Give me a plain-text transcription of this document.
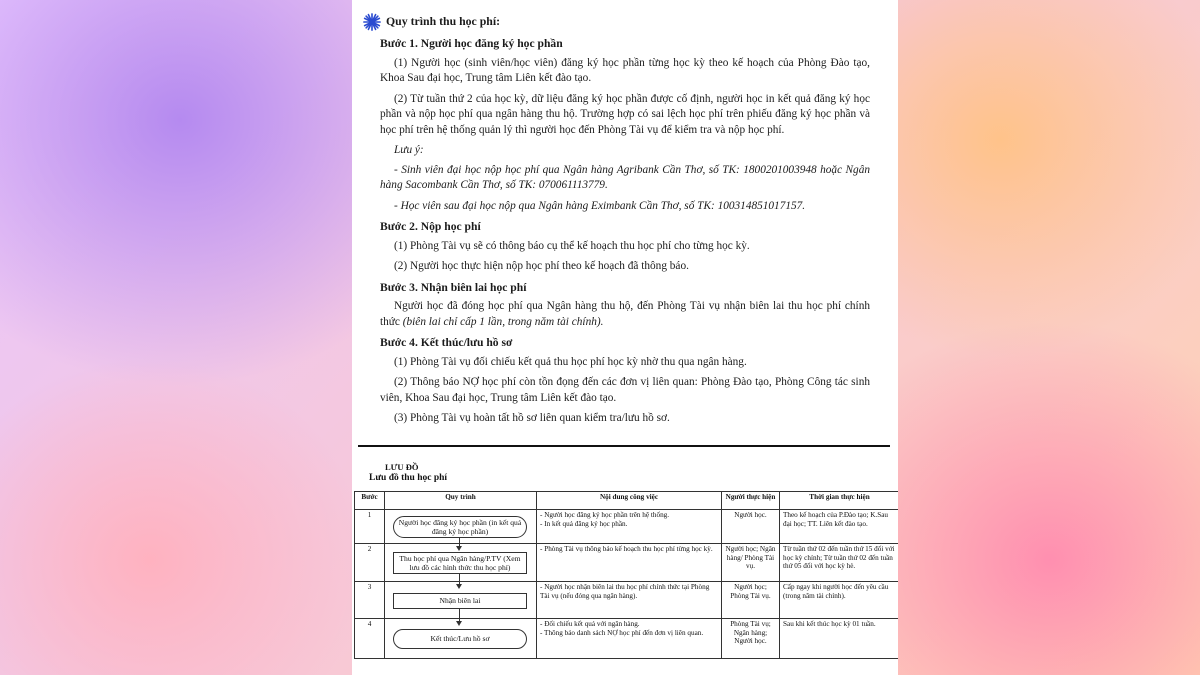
Quy trình thu học phí:
Bước 1. Người học đăng ký học phần
(1) Người học (sinh viên/học viên) đăng ký học phần từng học kỳ theo kế hoạch của Phòng Đào tạo, Khoa Sau đại học, Trung tâm Liên kết đào tạo.
(2) Từ tuần thứ 2 của học kỳ, dữ liệu đăng ký học phần được cố định, người học in kết quả đăng ký học phần và nộp học phí qua ngân hàng thu hộ. Trường hợp có sai lệch học phí trên phiếu đăng ký học phần và học phí trên hệ thống quản lý thì người học đến Phòng Tài vụ để kiểm tra và nộp học phí.
Lưu ý:
- Sinh viên đại học nộp học phí qua Ngân hàng Agribank Cần Thơ, số TK: 1800201003948 hoặc Ngân hàng Sacombank Cần Thơ, số TK: 070061113779.
- Học viên sau đại học nộp qua Ngân hàng Eximbank Cần Thơ, số TK: 100314851017157.
Bước 2. Nộp học phí
(1) Phòng Tài vụ sẽ có thông báo cụ thể kế hoạch thu học phí cho từng học kỳ.
(2) Người học thực hiện nộp học phí theo kế hoạch đã thông báo.
Bước 3. Nhận biên lai học phí
Người học đã đóng học phí qua Ngân hàng thu hộ, đến Phòng Tài vụ nhận biên lai thu học phí chính thức (biên lai chỉ cấp 1 lần, trong năm tài chính).
Bước 4. Kết thúc/lưu hồ sơ
(1) Phòng Tài vụ đối chiếu kết quả thu học phí học kỳ nhờ thu qua ngân hàng.
(2) Thông báo NỢ học phí còn tồn đọng đến các đơn vị liên quan: Phòng Đào tạo, Phòng Công tác sinh viên, Khoa Sau đại học, Trung tâm Liên kết đào tạo.
(3) Phòng Tài vụ hoàn tất hồ sơ liên quan kiểm tra/lưu hồ sơ.
LƯU ĐỒ
Lưu đồ thu học phí
Bước	Quy trình	Nội dung công việc	Người thực hiện	Thời gian thực hiện
1	Người học đăng ký học phần (in kết quả đăng ký học phần)	- Người học đăng ký học phần trên hệ thống.
- In kết quả đăng ký học phần.	Người học.	Theo kế hoạch của P.Đào tạo; K.Sau đại học; TT. Liên kết đào tạo.
2	Thu học phí qua Ngân hàng/P.TV (Xem lưu đồ các hình thức thu học phí)	- Phòng Tài vụ thông báo kế hoạch thu học phí từng học kỳ.	Người học; Ngân hàng/ Phòng Tài vụ.	Từ tuần thứ 02 đến tuần thứ 15 đối với học kỳ chính; Từ tuần thứ 02 đến tuần thứ 05 đối với học kỳ hè.
3	Nhận biên lai	- Người học nhận biên lai thu học phí chính thức tại Phòng Tài vụ (nếu đóng qua ngân hàng).	Người học; Phòng Tài vụ.	Cấp ngay khi người học đến yêu cầu (trong năm tài chính).
4	Kết thúc/Lưu hồ sơ	- Đối chiếu kết quả với ngân hàng.
- Thông báo danh sách NỢ học phí đến đơn vị liên quan.	Phòng Tài vụ; Ngân hàng; Người học.	Sau khi kết thúc học kỳ 01 tuần.
